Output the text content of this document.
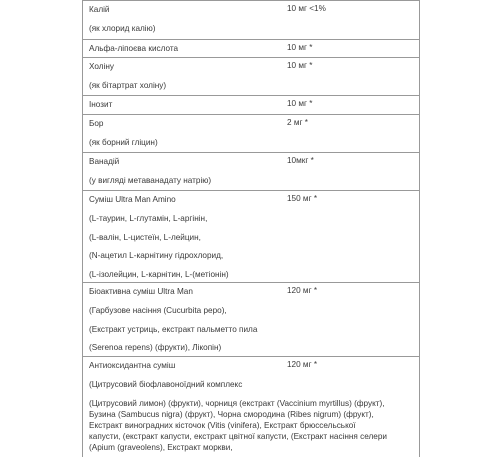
Калій
(як хлорид калію)
10 мг <1%
Альфа-ліпоєва кислота	10 мг *
Холіну
(як бітартрат холіну)
10 мг *
Інозит	10 мг *
Бор
(як борний гліцин)
2 мг *
Ванадій
(у вигляді метаванадату натрію)
10мкг *
Суміш Ultra Man Amino
(L-таурин, L-глутамін, L-аргінін,
(L-валін, L-цистеїн, L-лейцин,
(N-ацетил L-карнітину гідрохлорид,
(L-ізолейцин, L-карнітин, L-(метіонін)
150 мг *
Біоактивна суміш Ultra Man
(Гарбузове насіння (Cucurbita pepo),
(Екстракт устриць, екстракт пальметто пила
(Serenoa repens) (фрукти), Лікопін)
120 мг *
Антиоксидантна суміш
(Цитрусовий біофлавоноїдний комплекс
(Цитрусовий лимон) (фрукти), чорниця (екстракт (Vaccinium myrtillus) (фрукт),
Бузина (Sambucus nigra) (фрукт), Чорна смородина (Ribes nigrum) (фрукт),
Екстракт виноградних кісточок (Vitis (vinifera), Екстракт брюссельської
капусти, (екстракт капусти, екстракт цвітної капусти, (Екстракт насіння селери
(Apium (graveolens), Екстракт моркви,
120 мг *
